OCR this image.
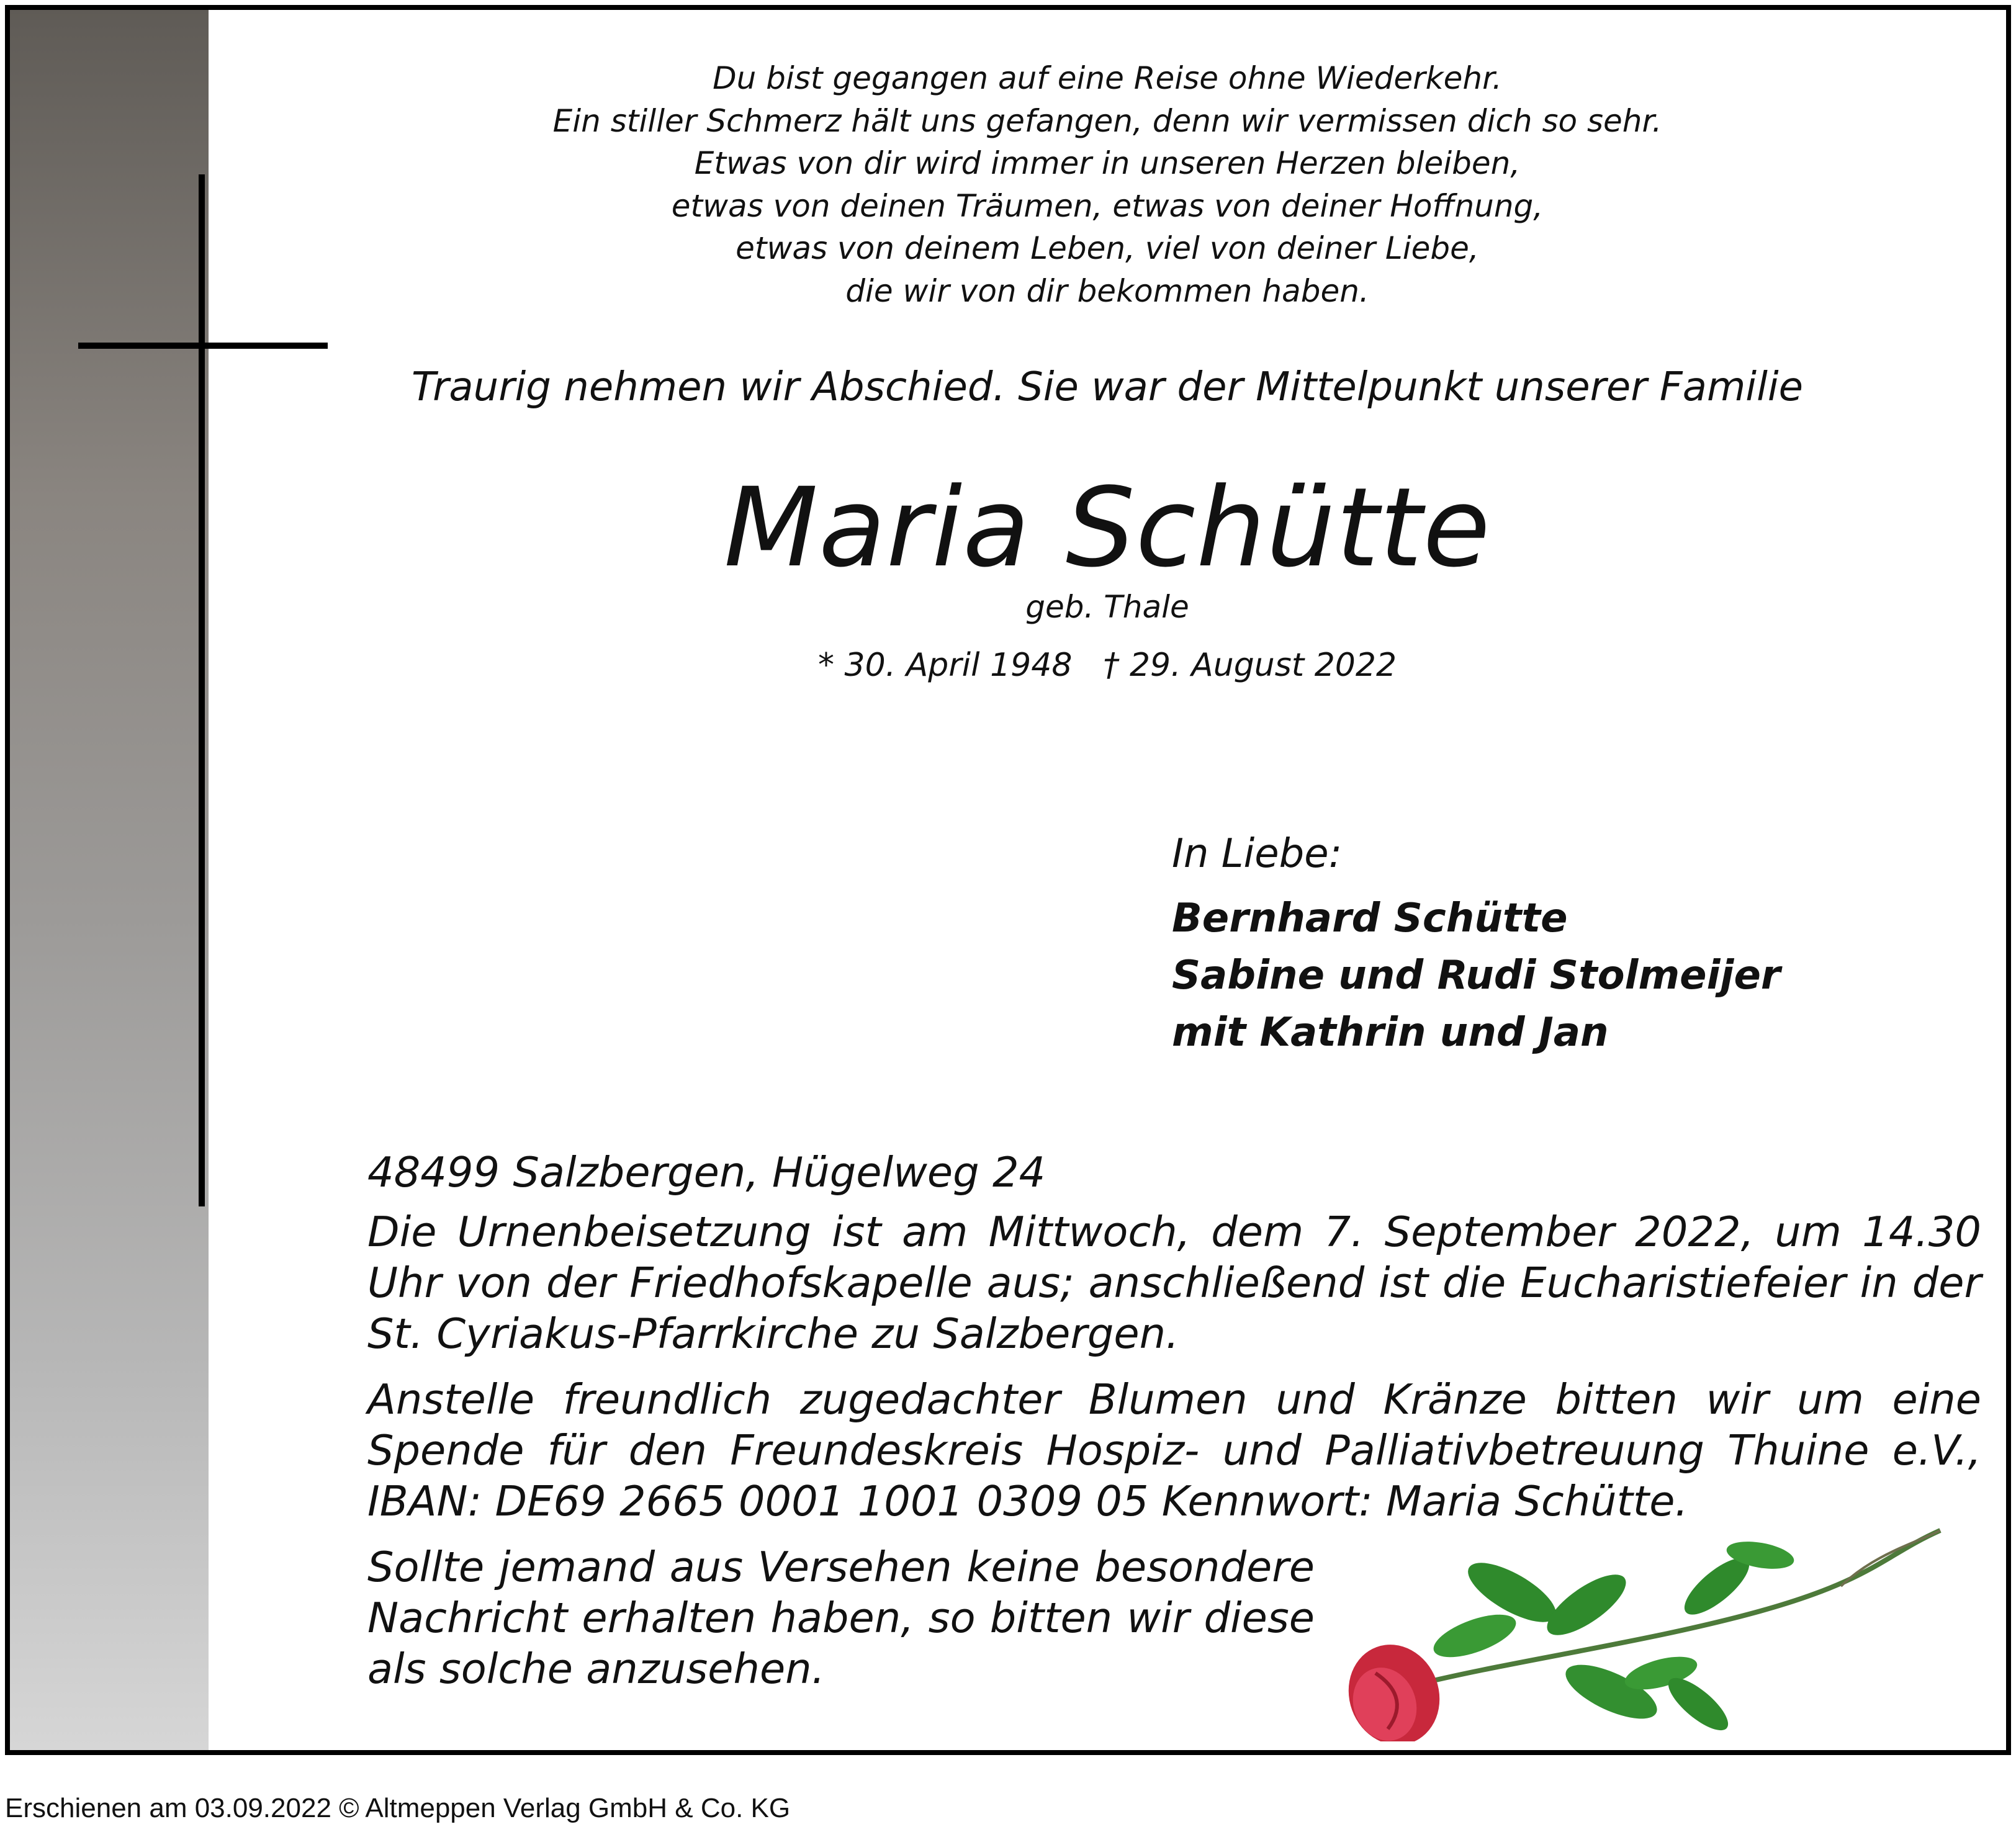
Du bist gegangen auf eine Reise ohne Wiederkehr.
Ein stiller Schmerz hält uns gefangen, denn wir vermissen dich so sehr.
Etwas von dir wird immer in unseren Herzen bleiben,
etwas von deinen Träumen, etwas von deiner Hoffnung,
etwas von deinem Leben, viel von deiner Liebe,
die wir von dir bekommen haben.
Traurig nehmen wir Abschied. Sie war der Mittelpunkt unserer Familie
Maria Schütte
geb. Thale
* 30. April 1948 † 29. August 2022
In Liebe:
Bernhard Schütte
Sabine und Rudi Stolmeijer
mit Kathrin und Jan
48499 Salzbergen, Hügelweg 24
Die Urnenbeisetzung ist am Mittwoch, dem 7. September 2022, um 14.30 Uhr von der Friedhofskapelle aus; anschließend ist die Eucharistiefeier in der St. Cyriakus-Pfarrkirche zu Salzbergen.
Anstelle freundlich zugedachter Blumen und Kränze bitten wir um eine Spende für den Freundeskreis Hospiz- und Palliativbetreuung Thuine e.V., IBAN: DE69 2665 0001 1001 0309 05 Kennwort: Maria Schütte.
Sollte jemand aus Versehen keine besondere Nachricht erhalten haben, so bitten wir diese als solche anzusehen.
Erschienen am 03.09.2022 © Altmeppen Verlag GmbH & Co. KG
